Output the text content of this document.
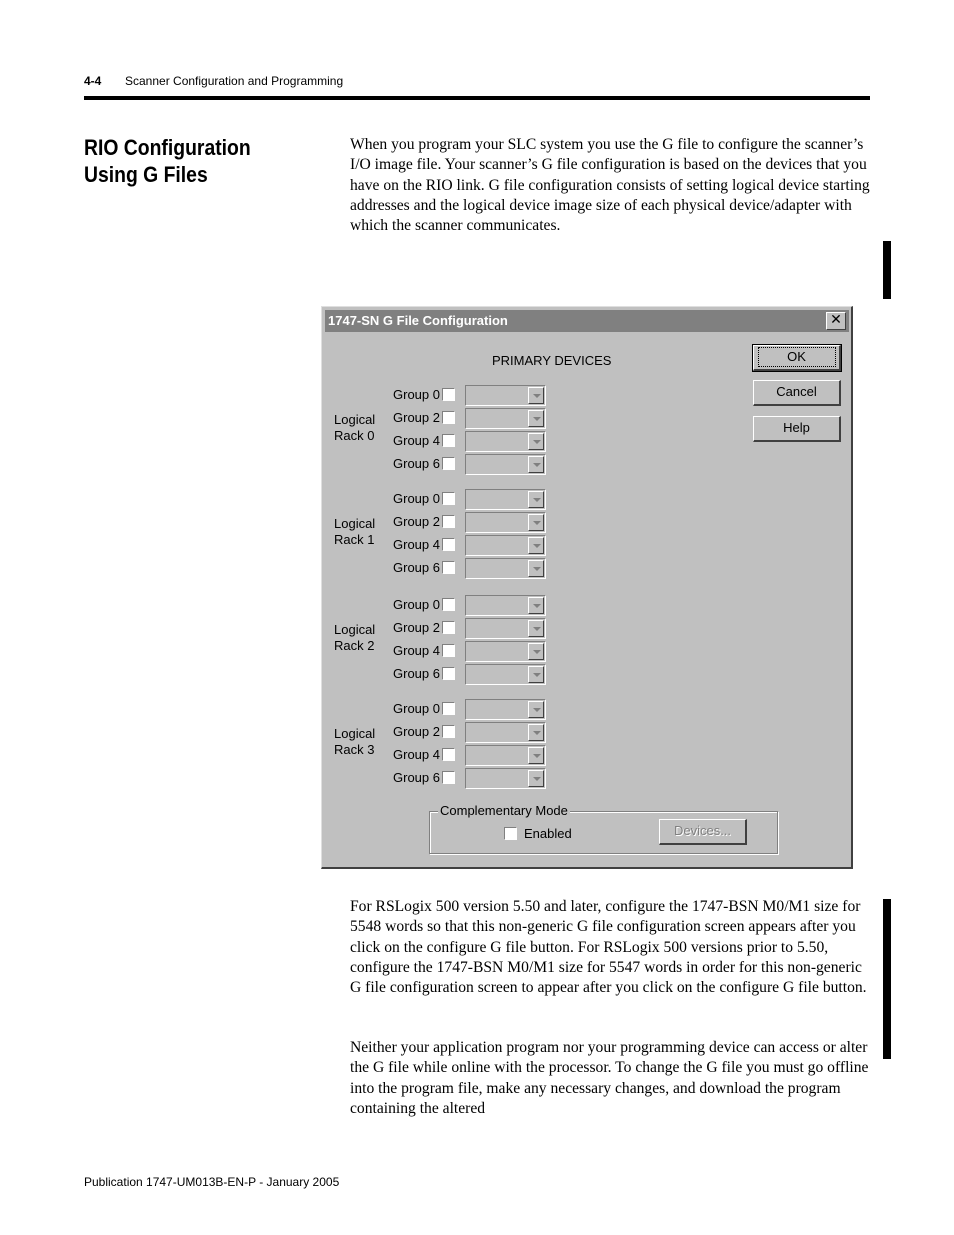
4-4 Scanner Configuration and Programming
RIO Configuration Using G Files
When you program your SLC system you use the G file to configure the scanner’s I/O image file. Your scanner’s G file configuration is based on the devices that you have on the RIO link. G file configuration consists of setting logical device starting addresses and the logical device image size of each physical device/adapter with which the scanner communicates.
1747-SN G File Configuration	✕
PRIMARY DEVICES	OK
Cancel
Help
Logical
Rack 0
Group 0
Group 2
Group 4
Group 6
Logical
Rack 1
Group 0
Group 2
Group 4
Group 6
Logical
Rack 2
Group 0
Group 2
Group 4
Group 6
Logical
Rack 3
Group 0
Group 2
Group 4
Group 6
Complementary Mode
Enabled	Devices...
For RSLogix 500 version 5.50 and later, configure the 1747-BSN M0/M1 size for 5548 words so that this non-generic G file configuration screen appears after you click on the configure G file button. For RSLogix 500 versions prior to 5.50, configure the 1747-BSN M0/M1 size for 5547 words in order for this non-generic G file configuration screen to appear after you click on the configure G file button.
Neither your application program nor your programming device can access or alter the G file while online with the processor. To change the G file you must go offline into the program file, make any necessary changes, and download the program containing the altered
Publication 1747-UM013B-EN-P - January 2005
